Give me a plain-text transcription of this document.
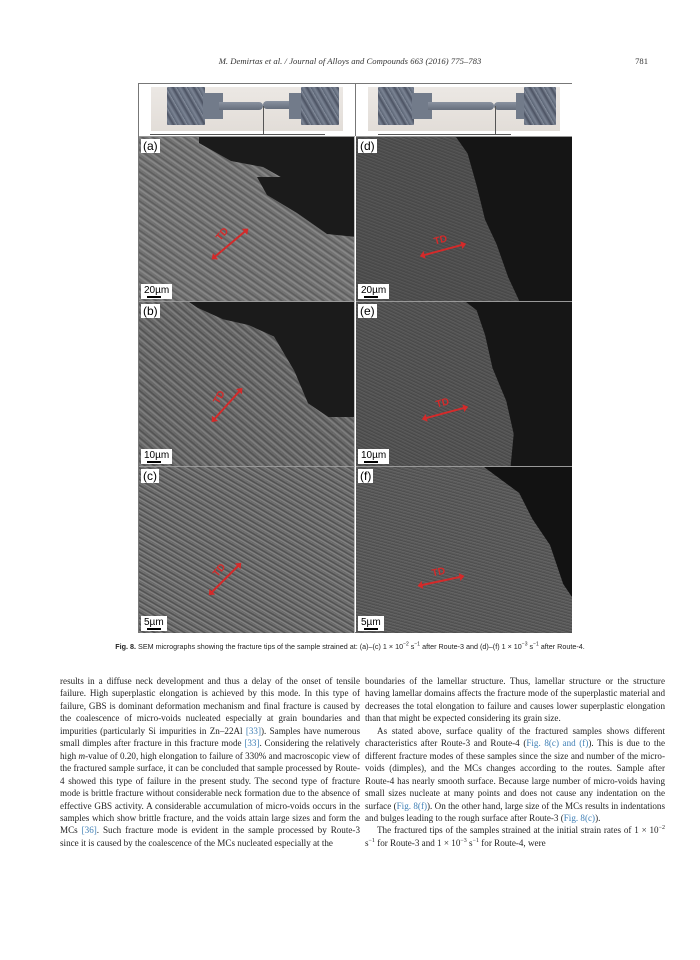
M. Demirtas et al. / Journal of Alloys and Compounds 663 (2016) 775–783	781
TD
(a)
20µm
TD
(b)
10µm
TD
(c)
5µm
TD
(d)
20µm
TD
(e)
10µm
TD
(f)
5µm
Fig. 8. SEM micrographs showing the fracture tips of the sample strained at: (a)–(c) $1 \times 10^{-2}$ $s^{-1}$ after Route-3 and (d)–(f) $1 \times 10^{-3}$ $s^{-1}$ after Route-4.

results in a diffuse neck development and thus a delay of the onset of tensile failure. High superplastic elongation is achieved by this mode. In this type of failure, GBS is dominant deformation mechanism and final fracture is caused by the coalescence of micro-voids nucleated especially at grain boundaries and impurities (particularly Si impurities in Zn–22Al [33]). Samples have numerous small dimples after fracture in this fracture mode [33]. Considering the relatively high m-value of 0.20, high elongation to failure of 330% and macroscopic view of the fractured sample surface, it can be concluded that sample processed by Route-4 showed this type of failure in the present study. The second type of fracture mode is brittle fracture without considerable neck formation due to the absence of effective GBS activity. A considerable accumulation of micro-voids occurs in the samples which show brittle fracture, and the voids attain large sizes and form the MCs [36]. Such fracture mode is evident in the sample processed by Route-3 since it is caused by the coalescence of the MCs nucleated especially at the

boundaries of the lamellar structure. Thus, lamellar structure or the structure having lamellar domains affects the fracture mode of the superplastic material and decreases the total elongation to failure and causes lower superplastic elongation than that might be expected considering its grain size.

As stated above, surface quality of the fractured samples shows different characteristics after Route-3 and Route-4 (Fig. 8(c) and (f)). This is due to the different fracture modes of these samples since the size and number of the micro-voids (dimples), and the MCs changes according to the routes. Sample after Route-4 has nearly smooth surface. Because large number of micro-voids having small sizes nucleate at many points and does not cause any indentation on the surface (Fig. 8(f)). On the other hand, large size of the MCs results in indentations and bulges leading to the rough surface after Route-3 (Fig. 8(c)).

The fractured tips of the samples strained at the initial strain rates of $1 \times 10^{-2}$ $s^{-1}$ for Route-3 and $1 \times 10^{-3}$ $s^{-1}$ for Route-4, were
